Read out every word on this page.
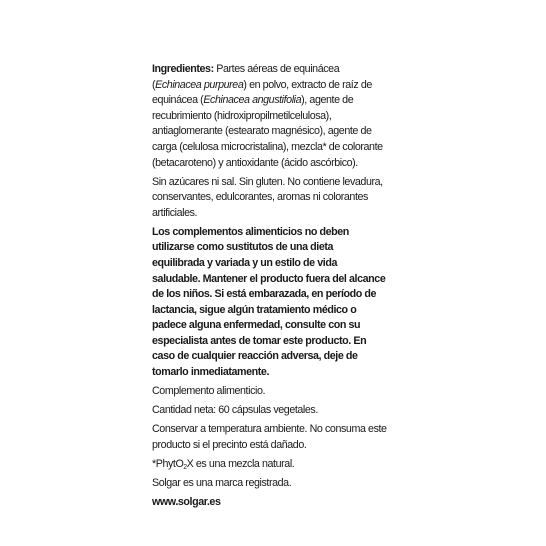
Ingredientes: Partes aéreas de equinácea (Echinacea purpurea) en polvo, extracto de raíz de equinácea (Echinacea angustifolia), agente de recubrimiento (hidroxipropilmetilcelulosa), antiaglomerante (estearato magnésico), agente de carga (celulosa microcristalina), mezcla* de colorante (betacaroteno) y antioxidante (ácido ascórbico).

Sin azúcares ni sal. Sin gluten. No contiene levadura, conservantes, edulcorantes, aromas ni colorantes artificiales.

Los complementos alimenticios no deben utilizarse como sustitutos de una dieta equilibrada y variada y un estilo de vida saludable. Mantener el producto fuera del alcance de los niños. Si está embarazada, en período de lactancia, sigue algún tratamiento médico o padece alguna enfermedad, consulte con su especialista antes de tomar este producto. En caso de cualquier reacción adversa, deje de tomarlo inmediatamente.

Complemento alimenticio.

Cantidad neta: 60 cápsulas vegetales.

Conservar a temperatura ambiente. No consuma este producto si el precinto está dañado.

*PhytO$_2$X es una mezcla natural.

Solgar es una marca registrada.

www.solgar.es
